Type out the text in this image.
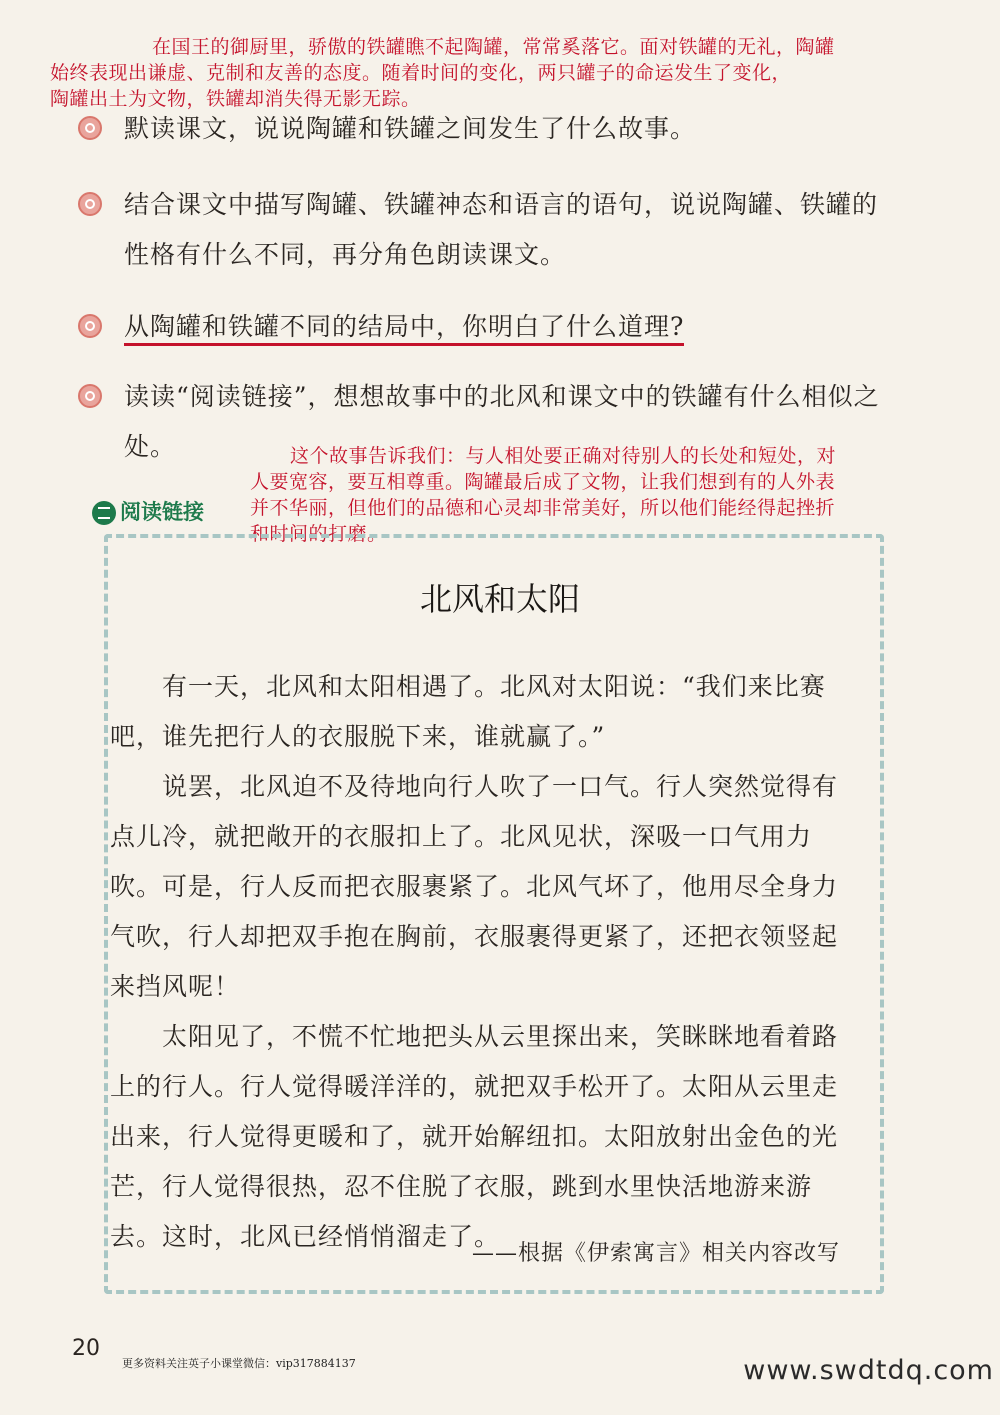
在国王的御厨里，骄傲的铁罐瞧不起陶罐，常常奚落它。面对铁罐的无礼，陶罐
始终表现出谦虚、克制和友善的态度。随着时间的变化，两只罐子的命运发生了变化，
陶罐出土为文物，铁罐却消失得无影无踪。
默读课文，说说陶罐和铁罐之间发生了什么故事。
结合课文中描写陶罐、铁罐神态和语言的语句，说说陶罐、铁罐的性格有什么不同，再分角色朗读课文。
从陶罐和铁罐不同的结局中，你明白了什么道理?
读读“阅读链接”，想想故事中的北风和课文中的铁罐有什么相似之处。	这个故事告诉我们：与人相处要正确对待别人的长处和短处，对
人要宽容，要互相尊重。陶罐最后成了文物，让我们想到有的人外表
并不华丽，但他们的品德和心灵却非常美好，所以他们能经得起挫折
和时间的打磨。
阅读链接
北风和太阳

有一天，北风和太阳相遇了。北风对太阳说：“我们来比赛吧，谁先把行人的衣服脱下来，谁就赢了。”

说罢，北风迫不及待地向行人吹了一口气。行人突然觉得有点儿冷，就把敞开的衣服扣上了。北风见状，深吸一口气用力吹。可是，行人反而把衣服裹紧了。北风气坏了，他用尽全身力气吹，行人却把双手抱在胸前，衣服裹得更紧了，还把衣领竖起来挡风呢！

太阳见了，不慌不忙地把头从云里探出来，笑眯眯地看着路上的行人。行人觉得暖洋洋的，就把双手松开了。太阳从云里走出来，行人觉得更暖和了，就开始解纽扣。太阳放射出金色的光芒，行人觉得很热，忍不住脱了衣服，跳到水里快活地游来游去。这时，北风已经悄悄溜走了。

——根据《伊索寓言》相关内容改写
20
更多资料关注英子小课堂微信：vip317884137	www.swdtdq.com
